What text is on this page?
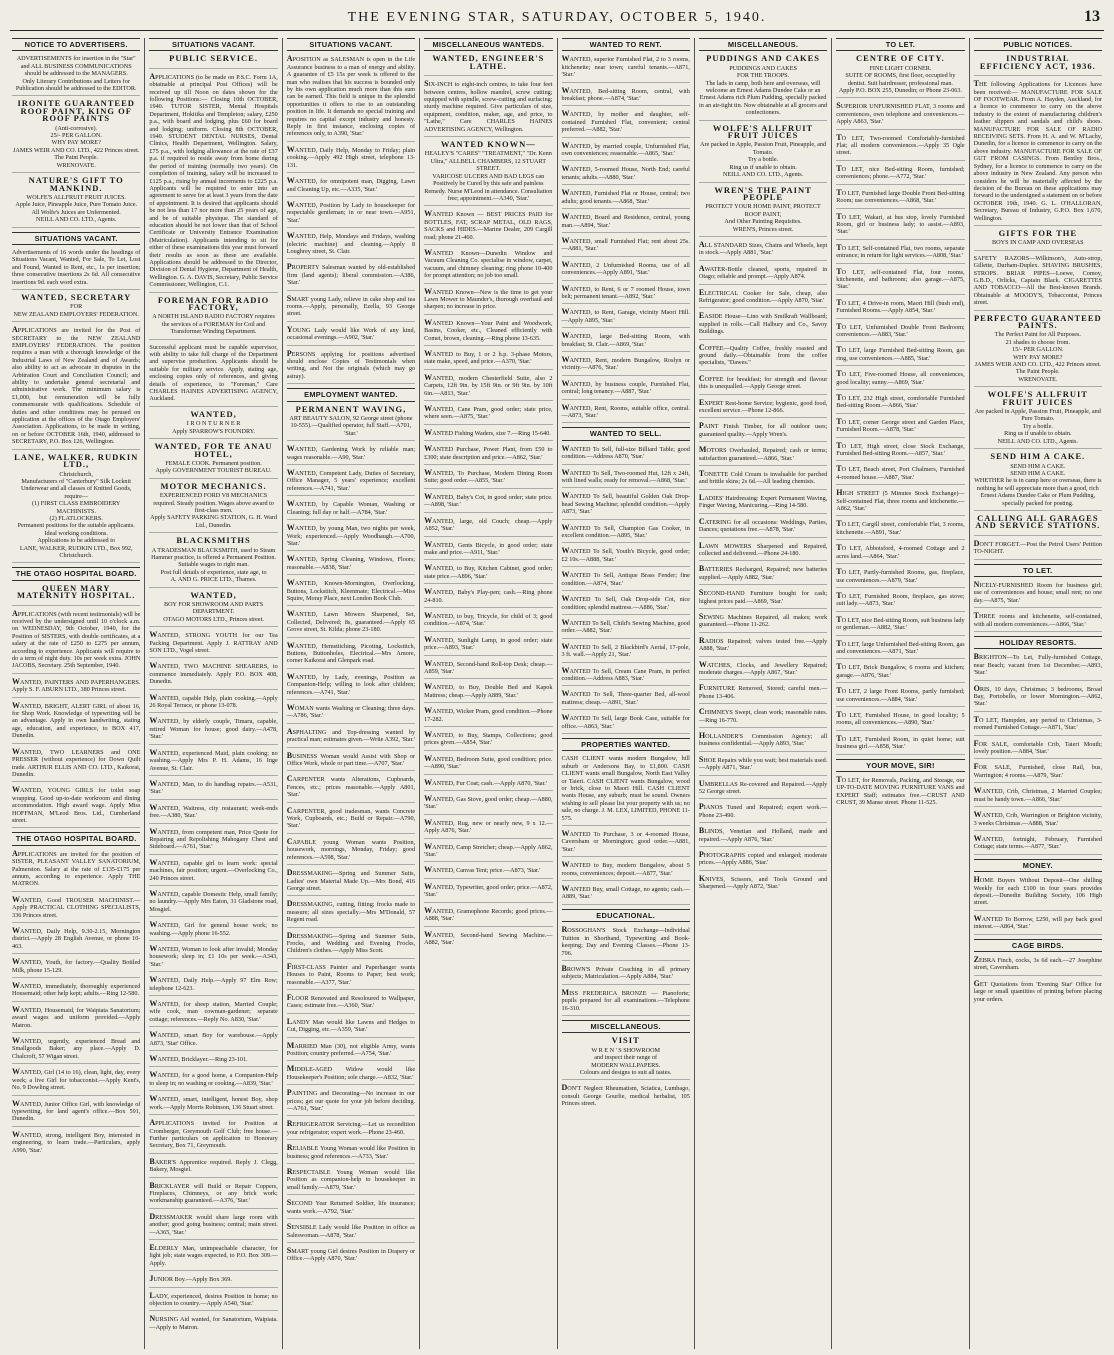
THE EVENING STAR, SATURDAY, OCTOBER 5, 1940.	13
NOTICE TO ADVERTISERS.
ADVERTISEMENTS for insertion in the "Star" and ALL BUSINESS COMMUNICATIONS should be addressed to the MANAGERS.
Only Literary Contributions and Letters for Publication should be addressed to the EDITOR.
IRONITE GUARANTEED ROOF PAINT, KING OF ROOF PAINTS
(Anti-corrosive).
25/- PER GALLON.
WHY PAY MORE?
JAMES WEIR AND CO. LTD., 422 Princes street.
The Paint People.
WRENOVATE.
NATURE'S GIFT TO MANKIND.
WOLFE'S ALLFRUIT FRUIT JUICES.
Apple Juice, Pineapple Juice, Pure Tomato Juice.
All Wolfe's Juices are Unfermented.
NEILL AND CO. LTD., Agents.
SITUATIONS VACANT.

Advertisements of 16 words under the headings of Situations Vacant, Wanted, For Sale, To Let, Lost and Found, Wanted to Rent, etc., 1s per insertion; three consecutive insertions 2s 6d. All consecutive insertions 9d. each word extra.

WANTED, SECRETARY
FOR
NEW ZEALAND EMPLOYERS' FEDERATION.

APPLICATIONS are invited for the Post of SECRETARY to the NEW ZEALAND EMPLOYERS' FEDERATION. The position requires a man with a thorough knowledge of the Industrial Laws of New Zealand and of Awards; also ability to act as advocate in disputes in the Arbitration Court and Conciliation Council; and ability to undertake general secretarial and administrative work. The minimum salary is £1,000, but remuneration will be fully commensurate with qualifications. Schedule of duties and other conditions may be perused on application at the offices of the Otago Employers' Association. Applications, to be made in writing, on or before OCTOBER 16th, 1940, addressed to SECRETARY, P.O. Box 126, Wellington.

LANE, WALKER, RUDKIN LTD.,
Christchurch,
Manufacturers of "Canterbury" Silk Locknit Underwear and all classes of Knitted Goods, require—
(1) FIRST CLASS EMBROIDERY MACHINISTS.
(2) FLATLOCKERS.
Permanent positions for the suitable applicants. Ideal working conditions.
Applications to be addressed to
LANE, WALKER, RUDKIN LTD., Box 992, Christchurch.
THE OTAGO HOSPITAL BOARD.
QUEEN MARY MATERNITY HOSPITAL.

APPLICATIONS (with recent testimonials) will be received by the undersigned until 10 o'clock a.m. on WEDNESDAY, 9th October, 1940, for the Position of SISTERS, with double certificates, at a salary at the rate of £250 to £275 per annum, according to experience. Applicants will require to do a term of night duty. 10s per week extra. JOHN JACOBS, Secretary. 25th September, 1940.

WANTED, PAINTERS AND PAPERHANGERS. Apply S. F. ABURN LTD., 380 Princes street.

WANTED, BRIGHT, ALERT GIRL of about 16, for Shop Work. Knowledge of typewriting will be an advantage. Apply in own handwriting, stating age, education, and experience, to BOX 417, Dunedin.

WANTED, TWO LEARNERS and ONE PRESSER (without experience) for Down Quilt trade. ARTHUR ELLIS AND CO. LTD., Kaikorai, Dunedin.

WANTED, YOUNG GIRLS for toilet soap wrapping. Good up-to-date workroom and dining accommodation. High award wage. Apply Miss HOFFMAN, M'Leod Bros. Ltd., Cumberland street.

THE OTAGO HOSPITAL BOARD.

APPLICATIONS are invited for the position of SISTER, PLEASANT VALLEY SANATORIUM, Palmerston. Salary at the rate of £135-£175 per annum, according to experience. Apply THE MATRON.

WANTED, Good TROUSER MACHINIST.—Apply PRACTICAL CLOTHING SPECIALISTS, 336 Princes street.

WANTED, Daily Help, 9.30-2.15, Mornington district.—Apply 28 English Avenue, or phone 10-463.

WANTED, Youth, for factory.—Quality Bottled Milk, phone 15-129.

WANTED, immediately, thoroughly experienced Housemaid; other help kept; adults.—Ring 12-580.

WANTED, Housemaid, for Waipiata Sanatorium; award wages and uniform provided.—Apply Matron.

WANTED, urgently, experienced Bread and Smallgoods Baker; any place.—Apply D. Chalcroft, 57 Wigan street.

WANTED, Girl (14 to 16), clean, light, day, every week; a live Girl for tobacconist.—Apply Kent's, No. 9 Dowling street.

WANTED, Junior Office Girl, with knowledge of typewriting, for land agent's office.—Box 591, Dunedin.

WANTED, strong, intelligent Boy, interested in engineering, to learn trade.—Particulars, apply A990, 'Star.'

SITUATIONS VACANT.
PUBLIC SERVICE.

APPLICATIONS (to be made on P.S.C. Form 1A, obtainable at principal Post Offices) will be received up till Noon on dates shown for the following Positions:— Closing 10th OCTOBER, 1940. TUTOR SISTER, Mental Hospitals Department, Hokitika and Templeton; salary, £250 p.a., with board and lodging, plus £60 for board and lodging; uniform. Closing 8th OCTOBER, 1940. STUDENT DENTAL NURSES, Dental Clinics, Health Department, Wellington. Salary, £75 p.a., with lodging allowance at the rate of £37 p.a. if required to reside away from home during the period of training (normally two years). On completion of training, salary will be increased to £125 p.a., rising by annual increments to £225 p.a. Applicants will be required to enter into an agreement to serve for at least 3 years from the date of appointment. It is desired that applicants should be not less than 17 nor more than 25 years of age, and be of suitable physique. The standard of education should be not lower than that of School Certificate or University Entrance Examination (Matriculation). Applicants intending to sit for either of these examinations this year must forward their results as soon as these are available. Applications should be addressed to the Director, Division of Dental Hygiene, Department of Health, Wellington. G. A. DAVIS, Secretary, Public Service Commissioner, Wellington, C.1.

FOREMAN FOR RADIO FACTORY,
A NORTH ISLAND RADIO FACTORY requires the services of a FOREMAN for Coil and Transformer Winding Department.

Successful applicant must be capable supervisor, with ability to take full charge of the Department and supervise production. Applicants should be suitable for military service. Apply, stating age, enclosing copies only of references, and giving details of experience, to "Foreman," Care CHARLES HAINES ADVERTISING AGENCY, Auckland.

WANTED,
I R O N T U R N E R
Apply SPARROW'S FOUNDRY.
WANTED, FOR TE ANAU HOTEL,
FEMALE COOK. Permanent position.
Apply GOVERNMENT TOURIST BUREAU.
MOTOR MECHANICS.
EXPERIENCED FORD V8 MECHANICS required. Steady position. Wages above award to first-class men.
Apply SAFETY PARKING STATION, G. H. Ward Ltd., Dunedin.
BLACKSMITHS
A TRADESMAN BLACKSMITH, used to Steam Hammer practice, is offered a Permanent Position. Suitable wages to right man.
Post full details of experience, state age, to
A. AND G. PRICE LTD., Thames.
WANTED,
BOY FOR SHOWROOM AND PARTS DEPARTMENT.
OTAGO MOTORS LTD., Princes street.

WANTED, STRONG YOUTH for our Tea Packing Department. Apply J. RATTRAY AND SON LTD., Vogel street.

WANTED, TWO MACHINE SHEARERS, to commence immediately. Apply P.O. BOX 408, Dunedin.

WANTED, capable Help, plain cooking.—Apply 26 Royal Terrace, or phone 13-078.

WANTED, by elderly couple, Timaru, capable, retired Woman for house; good dairy.—A478, 'Star.'

WANTED, experienced Maid, plain cooking; no washing.—Apply Mrs P. H. Adams, 16 Inge Avenue, St. Clair.

WANTED, Man, to do handbag repairs.—A531, 'Star.'

WANTED, Waitress, city restaurant; week-ends free.—A380, 'Star.'

WANTED, from competent man, Price Quote for Repairing and Repolishing Mahogany Chest and Sideboard.—A761, 'Star.'

WANTED, capable girl to learn work: special machines, fair position; urgent.—Overlocking Co., 240 Princes street.

WANTED, capable Domestic Help, small family; no laundry.—Apply Mrs Eaton, 31 Gladstone road, Mosgiel.

WANTED, Girl for general house work; no washing.—Apply phone 16-552.

WANTED, Woman to look after invalid; Monday housework; sleep in; £1 10s per week.—A343, 'Star.'

WANTED, Daily Help.—Apply 97 Elm Row; telephone 12-623.

WANTED, for sheep station, Married Couple; wife cook, man cowman-gardener; separate cottage; references.—Reply No. A830, 'Star.'

WANTED, smart Boy for warehouse.—Apply A873, 'Star' Office.

WANTED, Bricklayer.—Ring 23-101.

WANTED, for a good home, a Companion-Help to sleep in; no washing or cooking.—A839, 'Star.'

WANTED, smart, intelligent, honest Boy, shop work.—Apply Morris Robinson, 136 Stuart street.

APPLICATIONS invited for Position at Cromberger, Greymouth Golf Club; free house.—Further particulars on application to Honorary Secretary, Box 71, Greymouth.

BAKER'S Apprentice required. Reply J. Clegg, Bakery, Mosgiel.

BRICKLAYER will Build or Repair Coppers, Fireplaces, Chimneys, or any brick work; workmanship guaranteed.—A376, 'Star.'

DRESSMAKER would share large room with another; good going business; central; main street.—A365, 'Star.'

ELDERLY Man, unimpeachable character, for light job; state wages expected, to P.O. Box 309.—Apply.

JUNIOR Boy.—Apply Box 369.

LADY, experienced, desires Position in home; no objection to country.—Apply A540, 'Star.'

NURSING Aid wanted, for Sanatorium, Waipiata.—Apply to Matron.

SITUATIONS VACANT.

APOSITION as SALESMAN is open in the Life Assurance business to a man of energy and ability. A guarantee of £5 15s per week is offered to the man who realises that his success is bounded only by his own application much more than this sum can be earned. This field is unique in the splendid opportunities it offers to rise to an outstanding position in life. It demands no special training and requires no capital except industry and honesty. Reply in first instance, enclosing copies of references only, to A390, 'Star.'

WANTED, Daily Help, Monday to Friday; plain cooking.—Apply 492 High street, telephone 13-131.

WANTED, for omnipotent man, Digging, Lawn and Cleaning Up, etc.—A335, 'Star.'

WANTED, Position by Lady to housekeeper for respectable gentleman; in or near town.—A951, 'Star.'

WANTED, Help, Mondays and Fridays, washing (electric machine) and cleaning.—Apply 8 Loughrey street, St. Clair.

PROPERTY Salesman wanted by old-established firm (land agents); liberal commission.—A386, 'Star.'

SMART young Lady, relieve in cake shop and tea rooms.—Apply, personally, Ezella, 93 George street.

YOUNG Lady would like Work of any kind, occasional evenings.—A902, 'Star.'

PERSONS applying for positions advertised should enclose Copies of Testimonials when writing, and Not the originals (which may go astray).

EMPLOYMENT WANTED.
PERMANENT WAVING,
ART BEAUTY SALON, 92 George street (phone 10-555).—Qualified operator, full Staff.—A701, 'Star.'

WANTED, Gardening Work by reliable man; wages reasonable.—A90, 'Star.'

WANTED, Competent Lady, Duties of Secretary, Office Manager, 5 years' experience; excellent references.—A741, 'Star.'

WANTED, by Capable Woman, Washing or Cleaning; full day or half.—A784, 'Star.'

WANTED, by young Man, two nights per week, Work; experienced.—Apply Woodhaugh.—A700, 'Star.'

WANTED, Spring Cleaning, Windows, Floors; reasonable.—A838, 'Star.'

WANTED, Known-Mornington, Overlocking, Buttons, Lockstitch, Kleenmate; Electrical.—Miss Squire, Moray Place, next London Book Club.

WANTED, Lawn Mowers Sharpened, Set, Collected, Delivered; 8s, guaranteed.—Apply 65 Grove street, St. Kilda; phone 23-180.

WANTED, Hemstitching, Picoting, Lockstitch, Buttons, Buttonholes, Electrical.—Mrs Amore, corner Kaikorai and Glenpark road.

WANTED, by Lady, evenings, Position as Companion-Help; willing to look after children; references.—A741, 'Star.'

WOMAN wants Washing or Cleaning; three days.—A786, 'Star.'

ASPHALTING and Top-dressing wanted by practical man; estimates given.—Write A392, 'Star.'

BUSINESS Woman would Assist with Shop or Office Work, whole or part time.—A707, 'Star.'

CARPENTER wants Alterations, Cupboards, Fences, etc.; prices reasonable.—Apply A801, 'Star.'

CARPENTER, good tradesman, wants Concrete Work, Cupboards, etc.; Build or Repair.—A790, 'Star.'

CAPABLE young Woman wants Position, housework, mornings, Monday, Friday; good references.—A598, 'Star.'

DRESSMAKING—Spring and Summer Suits, Ladies' own Material Made Up.—Mrs Bond, 416 George street.

DRESSMAKING, cutting, fitting; frocks made to measure; all sizes specially.—Mrs M'Donald, 57 Regent road.

DRESSMAKING—Spring and Summer Suits, Frocks, and Wedding and Evening Frocks, Children's clothes.—Apply Miss Scott.

FIRST-CLASS Painter and Paperhanger wants Houses to Paint, Rooms to Paper; best work; reasonable.—A377, 'Star.'

FLOOR Renovated and Resoloured to Wallpaper, Cases; estimate free.—A360, 'Star.'

LANDY Man would like Lawns and Hedges to Cut, Digging, etc.—A359, 'Star.'

MARRIED Man (30), not eligible Army, wants Position; country preferred.—A754, 'Star.'

MIDDLE-AGED Widow would like Housekeeper's Position; sole charge.—A832, 'Star.'

PAINTING and Decorating—No increase in our prices; get our quote for your job before deciding.—A761, 'Star.'

REFRIGERATOR Servicing.—Let us recondition your refrigerator; expert work.—Phone 23-460.

RELIABLE Young Woman would like Position in business; good references.—A733, 'Star.'

RESPECTABLE Young Woman would like Position as companion-help to housekeeper in small family.—A879, 'Star.'

SECOND Year Returned Soldier, life insurance; wants work.—A792, 'Star.'

SENSIBLE Lady would like Position in office as Saleswoman.—A878, 'Star.'

SMART young Girl desires Position in Drapery or Office.—Apply A870, 'Star.'

MISCELLANEOUS WANTEDS.
WANTED, ENGINEER'S LATHE.

SIX-INCH to eight-inch centres, to take four feet between centres, hollow mandrel, screw cutting; equipped with spindle, screw-cutting and surfacing; sturdy machine required. Give particulars of size, equipment, condition, maker, age, and price, to "Lathe," Care CHARLES HAINES ADVERTISING AGENCY, Wellington.

WANTED KNOWN—
HEALEY'S "CARES" "TREATMENT," "Dr. Kenn Ultra," ALLBELL CHAMBERS, 12 STUART STREET.
VARICOSE ULCERS AND BAD LEGS can Positively be Cured by this safe and painless Remedy. Nurse M'Leod in attendance. Consultation free; appointment.—A340, 'Star.'

WANTED Known — BEST PRICES PAID for BOTTLES, FAT, SCRAP METAL, OLD RAGS, SACKS and HIDES.—Marine Dealer, 209 Cargill road; phone 21-460.

WANTED Known—Dunedin Window and Vacuum Cleaning Co. specialise in window, carpet, vacuum, and chimney cleaning; ring phone 10-400 for prompt attention; no job too small.

WANTED Known—New is the time to get your Lawn Mower to Maunder's, thorough overhaul and sharpen; no increase in price.

WANTED Known—Your Paint and Woodwork, Basins, Cooker, etc., Cleaned efficiently with Comet, brown, cleaning.—Ring phone 13-635.

WANTED to Buy, 1 or 2 h.p. 3-phase Motors, state make, speed, and price.—A370, 'Star.'

WANTED, modern Chesterfield Suite, also 2 Carpets, 12ft 9in. by 15ft 9in. or 9ft 9in. by 10ft 6in.—A813, 'Star.'

WANTED, Cane Pram, good order; state price, where seen.—A875, 'Star.'

WANTED Fishing Waders, size 7.—Ring 15-640.

WANTED Purchase, Power Plant, from £50 to £300; state description and price.—A862, 'Star.'

WANTED, To Purchase, Modern Dining Room Suite; good order.—A855, 'Star.'

WANTED, Baby's Cot, in good order; state price.—A898, 'Star.'

WANTED, large, old Couch; cheap.—Apply A852, 'Star.'

WANTED, Gents Bicycle, in good order; state make and price.—A911, 'Star.'

WANTED, to Buy, Kitchen Cabinet, good order; state price.—A896, 'Star.'

WANTED, Baby's Play-pen; cash.—Ring phone 24-810.

WANTED, to buy, Tricycle, for child of 3; good condition.—A874, 'Star.'

WANTED, Sunlight Lamp, in good order; state price.—A893, 'Star.'

WANTED, Second-hand Roll-top Desk; cheap.—A859, 'Star.'

WANTED, to Buy, Double Bed and Kapok Mattress; cheap.—Apply A889, 'Star.'

WANTED, Wicker Pram, good condition.—Phone 17-282.

WANTED, to Buy, Stamps, Collections; good prices given.—A854, 'Star.'

WANTED, Bedroom Suite, good condition; price.—A890, 'Star.'

WANTED, Fur Coat; cash.—Apply A870, 'Star.'

WANTED, Gas Stove, good order; cheap.—A880, 'Star.'

WANTED, Rug, new or nearly new, 9 x 12.—Apply A876, 'Star.'

WANTED, Camp Stretcher; cheap.—Apply A862, 'Star.'

WANTED, Canvas Tent; price.—A873, 'Star.'

WANTED, Typewriter, good order; price.—A872, 'Star.'

WANTED, Gramophone Records; good prices.—A888, 'Star.'

WANTED, Second-hand Sewing Machine.—A882, 'Star.'

WANTED TO RENT.

WANTED, superior Furnished Flat, 2 to 3 rooms, kitchenette; near town; careful tenants.—A871, 'Star.'

WANTED, Bed-sitting Room, central, with breakfast; phone.—A874, 'Star.'

WANTED, by mother and daughter, self-contained Furnished Flat, convenient; central preferred.—A882, 'Star.'

WANTED, by married couple, Unfurnished Flat, own conveniences; reasonable.—A865, 'Star.'

WANTED, 5-roomed House, North End; careful tenants; adults.—A880, 'Star.'

WANTED, Furnished Flat or House, central; two adults; good tenants.—A868, 'Star.'

WANTED, Board and Residence, central, young man.—A894, 'Star.'

WANTED, small Furnished Flat; rent about 25s.—A881, 'Star.'

WANTED, 2 Unfurnished Rooms, use of all conveniences.—Apply A891, 'Star.'

WANTED, to Rent, 6 or 7 roomed House, town belt; permanent tenant.—A892, 'Star.'

WANTED, to Rent, Garage, vicinity Maori Hill.—Apply A895, 'Star.'

WANTED, large Bed-sitting Room, with breakfast; St. Clair.—A869, 'Star.'

WANTED, Rent, modern Bungalow, Roslyn or vicinity.—A876, 'Star.'

WANTED, by business couple, Furnished Flat, central; long tenancy.—A887, 'Star.'

WANTED, Rent, Rooms, suitable office, central.—A873, 'Star.'

WANTED TO SELL.

WANTED To Sell, full-size Billiard Table; good condition.—Address A870, 'Star.'

WANTED To Sell, Two-roomed Hut, 12ft x 24ft, with lined walls; ready for removal.—A868, 'Star.'

WANTED To Sell, beautiful Golden Oak Drop-head Sewing Machine; splendid condition.—Apply A873, 'Star.'

WANTED To Sell, Champion Gas Cooker, in excellent condition.—A895, 'Star.'

WANTED To Sell, Youth's Bicycle, good order; £2 10s.—A888, 'Star.'

WANTED To Sell, Antique Brass Fender; fine condition.—A874, 'Star.'

WANTED To Sell, Oak Drop-side Cot, nice condition; splendid mattress.—A886, 'Star.'

WANTED To Sell, Child's Sewing Machine, good order.—A882, 'Star.'

WANTED To Sell, 2 Blackbird's Aerial, 17-pole, 3 ft. wall.—Apply 21, 'Star.'

WANTED To Sell, Cream Cane Pram, in perfect condition.—Address A883, 'Star.'

WANTED To Sell, Three-quarter Bed, all-wool mattress; cheap.—A891, 'Star.'

WANTED To Sell, large Book Case, suitable for office.—A863, 'Star.'

PROPERTIES WANTED.

CASH CLIENT wants modern Bungalow, hill suburb or Andersons Bay, to £1,800. CASH CLIENT wants small Bungalow, North East Valley or Taieri. CASH CLIENT wants Bungalow, wood or brick, close to Maori Hill. CASH CLIENT wants House, any suburb; must be sound. Owners wishing to sell please list your property with us; no sale, no charge. J. M. LEX, LIMITED, PHONE 11-575.

WANTED To Purchase, 3 or 4-roomed House, Caversham or Mornington; good order.—A881, 'Star.'

WANTED to Buy, modern Bungalow, about 5 rooms, conveniences; deposit.—A877, 'Star.'

WANTED Buy, small Cottage, no agents; cash.—A889, 'Star.'

EDUCATIONAL.

ROSSOGHAN'S Stock Exchange—Individual Tuition in Shorthand, Typewriting and Book-keeping; Day and Evening Classes.—Phone 13-796.

BROWN'S Private Coaching in all primary subjects; Matriculation.—Apply A884, 'Star.'

MISS FREDERICA BRONZE — Pianoforte; pupils prepared for all examinations.—Telephone 16-310.

MISCELLANEOUS.
VISIT
W R E N ' S SHOWROOM
and inspect their range of
MODERN WALLPAPERS.
Colours and designs to suit all tastes.

DON'T Neglect Rheumatism, Sciatica, Lumbago, consult George Gourlie, medical herbalist, 105 Princes street.

MISCELLANEOUS.
PUDDINGS AND CAKES
PUDDINGS AND CAKES
FOR THE TROOPS.
The lads in camp, both here and overseas, will welcome an Ernest Adams Dundee Cake or an Ernest Adams rich Plum Pudding, specially packed in an air-tight tin. Now obtainable at all grocers and confectioners.
WOLFE'S ALLFRUIT FRUIT JUICES
Are packed in Apple, Passion Fruit, Pineapple, and Tomato.
Try a bottle.
Ring us if unable to obtain.
NEILL AND CO. LTD., Agents.
WREN'S THE PAINT PEOPLE
PROTECT YOUR HOME PAINT, PROTECT ROOF PAINT,
And Other Painting Requisites.
WREN'S, Princes street.

ALL STANDARD Sizes, Chains and Wheels, kept in stock.—Apply A881, 'Star.'

AWATER-Bottle cleaned, sports, repaired in Otago; reliable and prompt.—Apply A874.

ELECTRICAL Cooker for Sale, cheap, also Refrigerator; good condition.—Apply A870, 'Star.'

EASIDE House—Lino with Smilkraft Wallboard; supplied in rolls.—Call Halbury and Co., Savoy Buildings.

COFFEE—Quality Coffee, freshly roasted and ground daily.—Obtainable from the coffee specialists, "Dawes."

COFFEE for breakfast; for strength and flavour this is unequalled.—Apply George street.

EXPERT Rest-home Service; hygienic, good food, excellent service.—Phone 12-866.

PAINT Finish Timber, for all outdoor uses; guaranteed quality.—Apply Wren's.

MOTORS Overhauled, Repaired; cash or terms; satisfaction guaranteed.—A866, 'Star.'

TONETTE Cold Cream is invaluable for parched and brittle skins; 2s 6d.—All leading chemists.

LADIES' Hairdressing: Expert Permanent Waving, Finger Waving, Manicuring.—Ring 14-580.

CATERING for all occasions: Weddings, Parties, Dances; quotations free.—A878, 'Star.'

LAWN MOWERS Sharpened and Repaired, collected and delivered.—Phone 24-180.

BATTERIES Recharged, Repaired; new batteries supplied.—Apply A882, 'Star.'

SECOND-HAND Furniture bought for cash; highest prices paid.—A869, 'Star.'

SEWING Machines Repaired, all makes; work guaranteed.—Phone 11-262.

RADIOS Repaired; valves tested free.—Apply A888, 'Star.'

WATCHES, Clocks, and Jewellery Repaired; moderate charges.—Apply A867, 'Star.'

FURNITURE Removed, Stored; careful men.—Phone 13-406.

CHIMNEYS Swept, clean work; reasonable rates.—Ring 16-770.

HOLLANDER'S Commission Agency; all business confidential.—Apply A893, 'Star.'

SHOE Repairs while you wait; best materials used.—Apply A871, 'Star.'

UMBRELLAS Re-covered and Repaired.—Apply 52 George street.

PIANOS Tuned and Repaired; expert work.—Phone 23-490.

BLINDS, Venetian and Holland, made and repaired.—Apply A876, 'Star.'

PHOTOGRAPHS copied and enlarged; moderate prices.—Apply A886, 'Star.'

KNIVES, Scissors, and Tools Ground and Sharpened.—Apply A872, 'Star.'

TO LET.
CENTRE OF CITY.
FINE LIGHT CORNER.
SUITE OF ROOMS, first floor, occupied by dentist. Suit hairdresser, professional man.
Apply P.O. BOX 255, Dunedin; or Phone 23-063.

SUPERIOR UNFURNISHED FLAT, 3 rooms and conveniences, own telephone and conveniences.—Apply A863, 'Star.'

TO LET, Two-roomed Comfortably-furnished Flat; all modern conveniences.—Apply 35 Ogle street.

TO LET, nice Bed-sitting Room, furnished; conveniences; phone.—A772, 'Star.'

TO LET, Furnished large Double Front Bed-sitting Room; use conveniences.—A868, 'Star.'

TO LET, Wakari, at bus stop, lovely Furnished Room, girl or business lady; to assist.—A893, 'Star.'

TO LET, Self-contained Flat, two rooms, separate entrance; in return for light services.—A808, 'Star.'

TO LET, self-contained Flat, four rooms, kitchenette, and bathroom; also garage.—A875, 'Star.'

TO LET, 4 Drive-in room, Maori Hill (bush end), Furnished Rooms.—Apply A854, 'Star.'

TO LET, Unfurnished Double Front Bedroom; conveniences.—A883, 'Star.'

TO LET, large Furnished Bed-sitting Room, gas ring, use conveniences.—A885, 'Star.'

TO LET, Five-roomed House, all conveniences, good locality; sunny.—A869, 'Star.'

TO LET, 232 High street, comfortable Furnished Bed-sitting Room.—A866, 'Star.'

TO LET, corner George street and Garden Place, Furnished Room.—A878, 'Star.'

TO LET, High street, close Stock Exchange, Furnished Bed-sitting Room.—A857, 'Star.'

TO LET, Beach street, Port Chalmers, Furnished 4-roomed house.—A887, 'Star.'

HIGH STREET (5 Minutes Stock Exchange)—Self-contained Flat, three rooms and kitchenette.—A862, 'Star.'

TO LET, Cargill street, comfortable Flat, 3 rooms, kitchenette.—A891, 'Star.'

TO LET, Abbotsford, 4-roomed Cottage and 2 acres land.—A864, 'Star.'

TO LET, Partly-furnished Rooms, gas, fireplace, use conveniences.—A879, 'Star.'

TO LET, Furnished Room, fireplace, gas stove; suit lady.—A873, 'Star.'

TO LET, nice Bed-sitting Room, suit business lady or gentleman.—A882, 'Star.'

TO LET, large Unfurnished Bed-sitting Room, gas and conveniences.—A871, 'Star.'

TO LET, Brick Bungalow, 6 rooms and kitchen; garage.—A876, 'Star.'

TO LET, 2 large Front Rooms, partly furnished; use conveniences.—A884, 'Star.'

TO LET, Furnished House, in good locality; 5 rooms, all conveniences.—A890, 'Star.'

TO LET, Furnished Room, in quiet home; suit business girl.—A858, 'Star.'

YOUR MOVE, SIR!

TO LET, for Removals, Packing, and Storage, our UP-TO-DATE MOVING FURNITURE VANS and EXPERT Staff; estimates free.—CRUST AND CRUST, 39 Manse street. Phone 11-525.

PUBLIC NOTICES.
INDUSTRIAL EFFICIENCY ACT, 1936.

THE following Applications for Licences have been received:— MANUFACTURE FOR SALE OF FOOTWEAR. From A. Hayden, Auckland, for a licence to commence to carry on the above industry to the extent of manufacturing children's leather slippers and sandals and child's shoes. MANUFACTURE FOR SALE OF RADIO RECEIVING SETS. From H. A. and W. M'Lachy, Dunedin, for a licence to commence to carry on the above industry. MANUFACTURE FOR SALE OF GUT FROM CASINGS. From Bentley Bros., Sydney, for a licence to commence to carry on the above industry in New Zealand. Any person who considers he will be materially affected by the decision of the Bureau on these applications may forward to the undersigned a statement on or before OCTOBER 19th, 1940. G. L. O'HALLORAN, Secretary, Bureau of Industry, G.P.O. Box 1,670, Wellington.

GIFTS FOR THE
BOYS IN CAMP AND OVERSEAS

SAFETY RAZORS—Wilkinson's, Auto-strop, Gillette, Durham-Duplex. SHAVING BRUSHES, STROPS. BRIAR PIPES—Loewe, Comoy, G.B.D., Orlicks, Captain Black. CIGARETTES AND TOBACCO—All the Best-known Brands. Obtainable at MOODY'S, Tobacconist, Princes street.

PERFECTO GUARANTEED PAINTS.
The Perfect Paint for All Purposes.
21 shades to choose from.
15/- PER GALLON.
WHY PAY MORE?
JAMES WEIR AND CO. LTD., 422 Princes street.
The Paint People.
WRENOVATE.
WOLFE'S ALLFRUIT FRUIT JUICES
Are packed in Apple, Passion Fruit, Pineapple, and Pure Tomato.
Try a bottle.
Ring us if unable to obtain.
NEILL AND CO. LTD., Agents.
SEND HIM A CAKE.
SEND HIM A CAKE.
SEND HIM A CAKE.
WHETHER he is in camp here or overseas, there is nothing he will appreciate more than a good, rich Ernest Adams Dundee Cake or Plum Pudding, specially packed for posting.
CALLING ALL GARAGES AND SERVICE STATIONS.

DON'T FORGET.—Post the Petrol Users' Petition TO-NIGHT.

TO LET.

NICELY-FURNISHED Room for business girl; use of conveniences and house; small rent; no one day.—A875, 'Star.'

THREE rooms and kitchenette, self-contained, with all modern conveniences.—A866, 'Star.'

HOLIDAY RESORTS.

BRIGHTON—To Let, Fully-furnished Cottage, near Beach; vacant from 1st December.—A893, 'Star.'

ORIS, 10 days, Christmas; 3 bedrooms, Broad Bay, Portobello, or lower Mornington.—A862, 'Star.'

TO LET, Hampden, any period to Christmas, 3-roomed Furnished Cottage.—A871, 'Star.'

FOR SALE, comfortable Crib, Taieri Mouth; lovely position.—A884, 'Star.'

FOR SALE, Furnished, close Rail, bus, Warrington; 4 rooms.—A879, 'Star.'

WANTED, Crib, Christmas, 2 Married Couples; must be handy town.—A866, 'Star.'

WANTED, Crib, Warrington or Brighton vicinity, 3 weeks Christmas.—A888, 'Star.'

WANTED, fortnight, February, Furnished Cottage; state terms.—A877, 'Star.'

MONEY.

HOME Buyers Without Deposit—One shilling Weekly for each £100 in four years provides deposit.—Dunedin Building Society, 106 High street.

WANTED To Borrow, £250, will pay back good interest.—A864, 'Star.'

CAGE BIRDS.

ZEBRA Finch, cocks, 3s 6d each.—27 Josephine street, Caversham.

GET Quotations from 'Evening Star' Office for large or small quantities of printing before placing your orders.
